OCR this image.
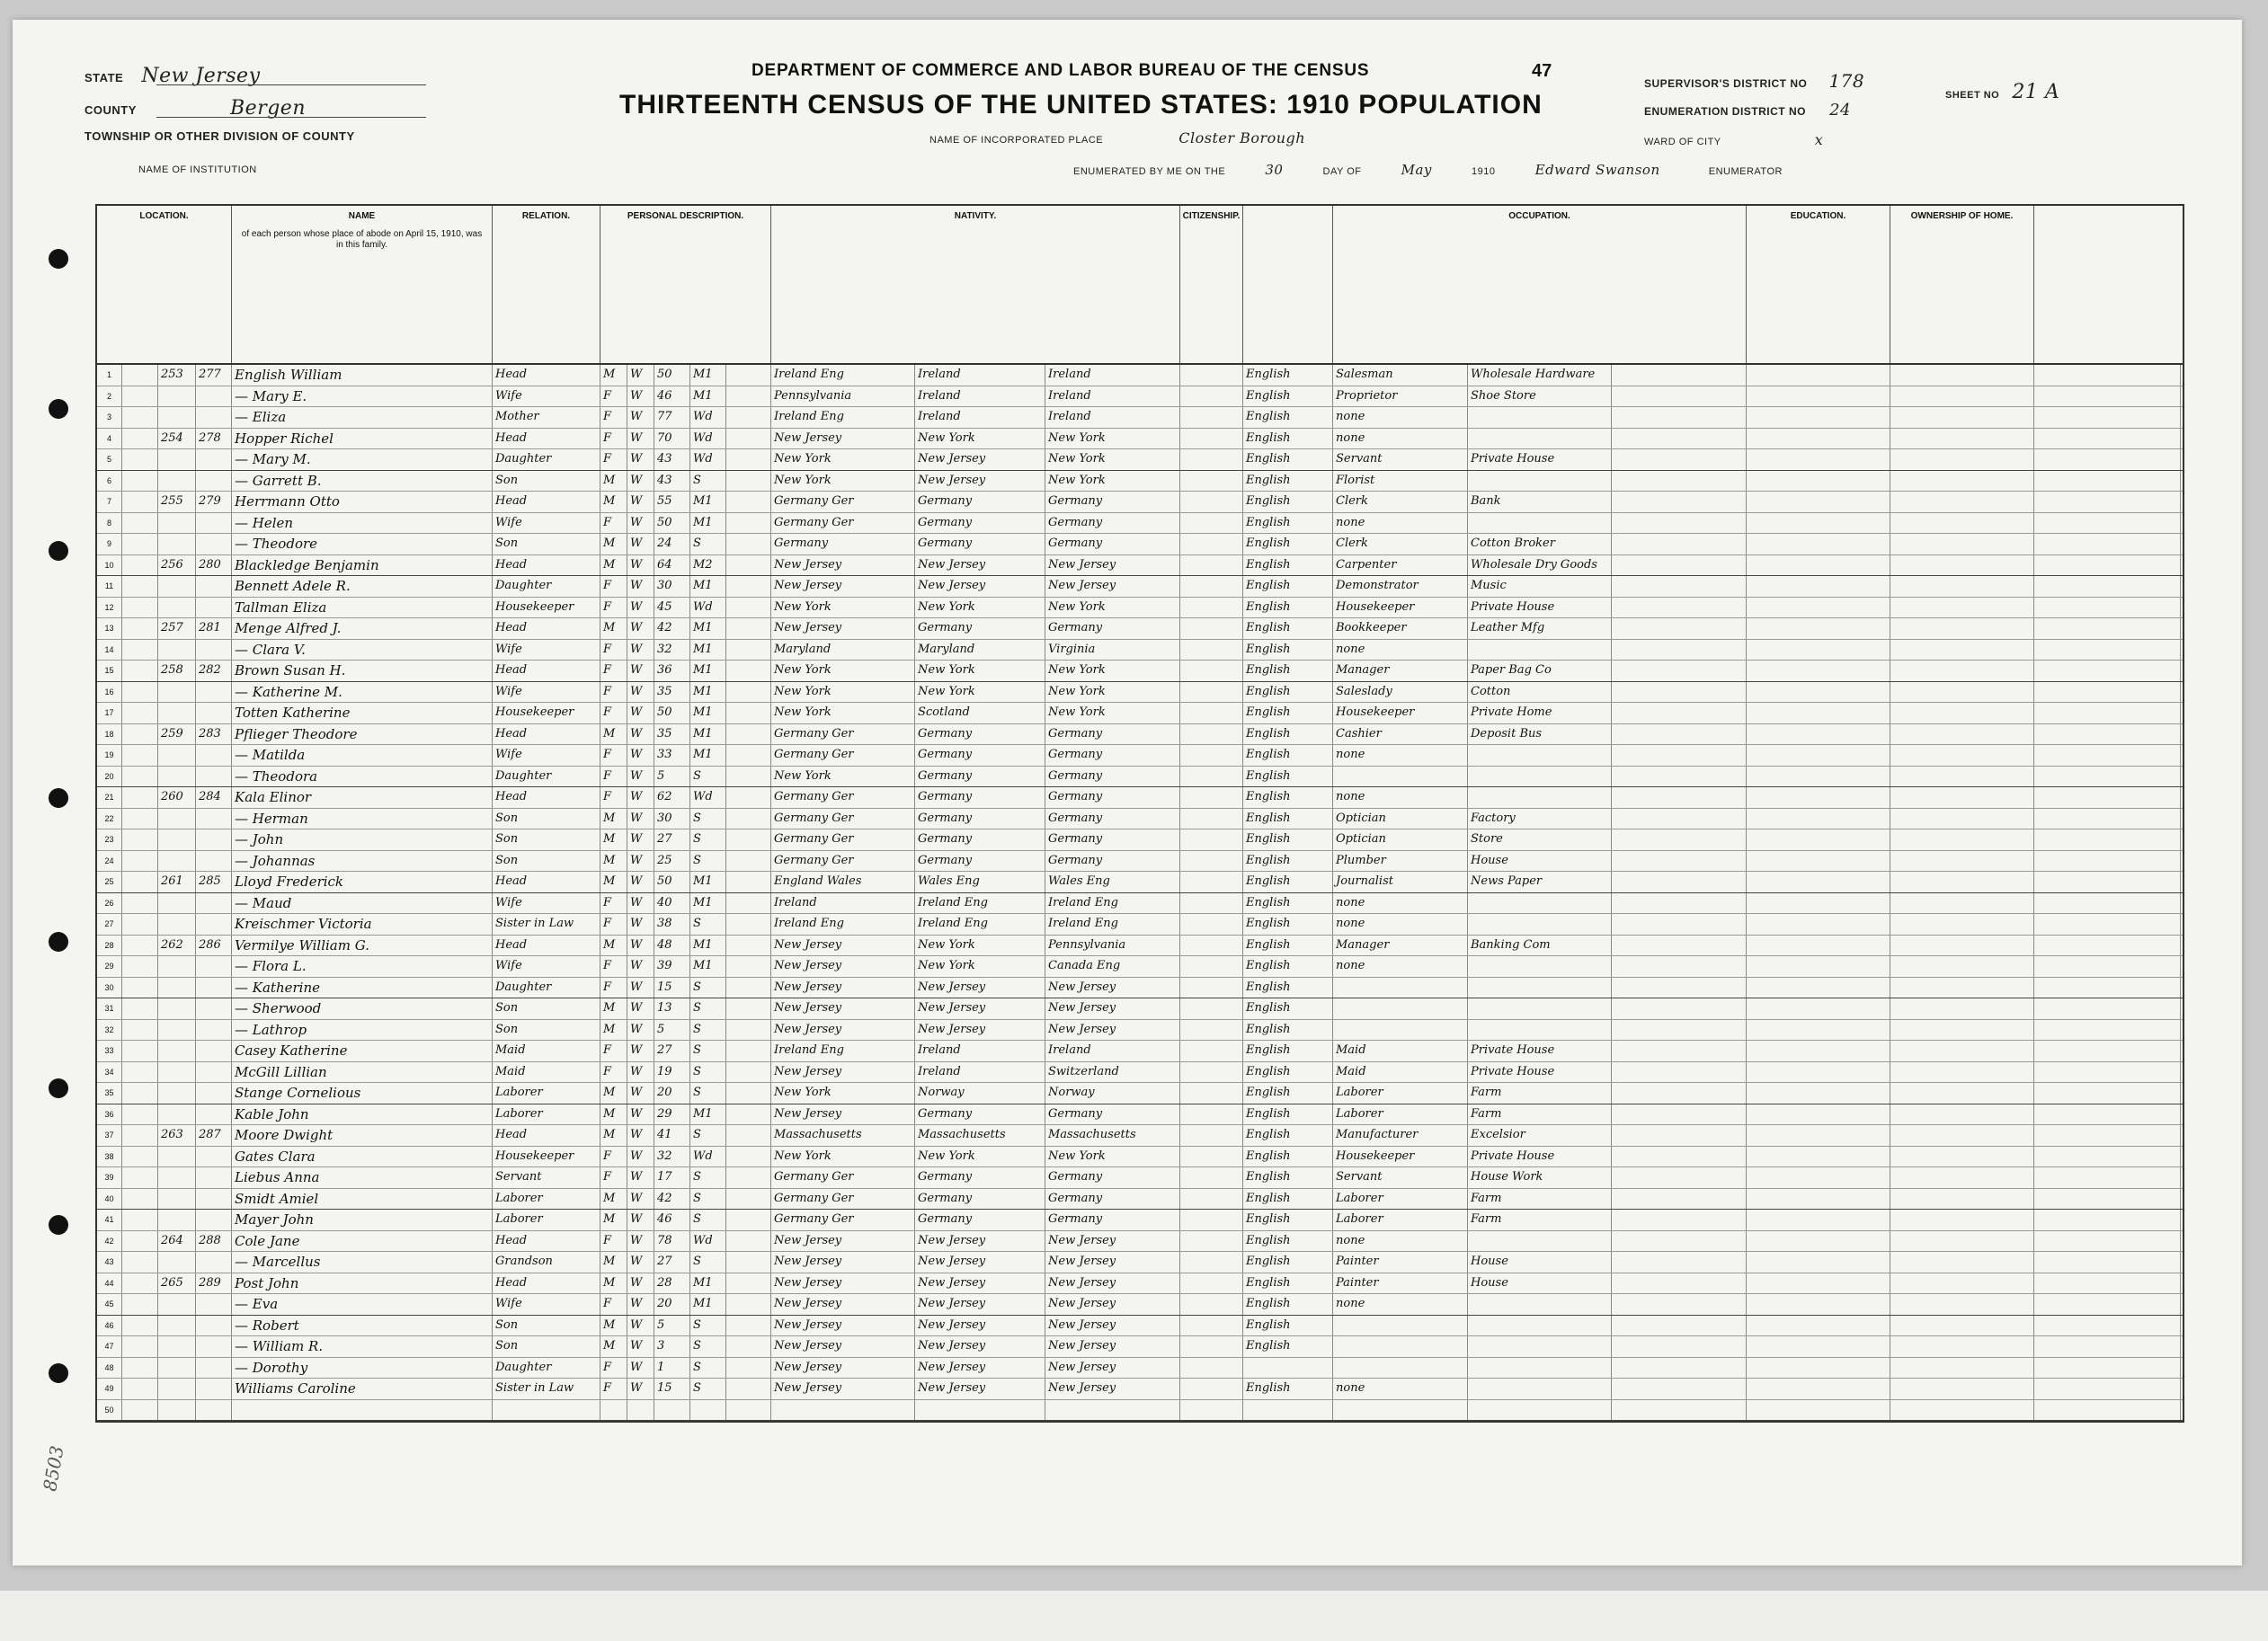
STATE New Jersey
COUNTY	Bergen
TOWNSHIP OR OTHER DIVISION OF COUNTY
NAME OF INSTITUTION
DEPARTMENT OF COMMERCE AND LABOR BUREAU OF THE CENSUS
THIRTEENTH CENSUS OF THE UNITED STATES: 1910 POPULATION
47
NAME OF INCORPORATED PLACE	Closter Borough
ENUMERATED BY ME ON THE	30	DAY OF	May	1910	Edward Swanson	ENUMERATOR
SUPERVISOR'S DISTRICT NO 178
ENUMERATION DISTRICT NO 24
SHEET NO 21 A
WARD OF CITY	x
8503
LOCATION.	NAME
of each person whose place of abode on April 15, 1910, was in this family.
RELATION.	PERSONAL DESCRIPTION.	NATIVITY.	CITIZENSHIP.	OCCUPATION.	EDUCATION.	OWNERSHIP OF HOME.
1	253	277	English William	Head	M	W	50	M1	Ireland Eng	Ireland	Ireland	English	Salesman	Wholesale Hardware
2	— Mary E.	Wife	F	W	46	M1	Pennsylvania	Ireland	Ireland	English	Proprietor	Shoe Store
3	— Eliza	Mother	F	W	77	Wd	Ireland Eng	Ireland	Ireland	English	none
4	254	278	Hopper Richel	Head	F	W	70	Wd	New Jersey	New York	New York	English	none
5	— Mary M.	Daughter	F	W	43	Wd	New York	New Jersey	New York	English	Servant	Private House
6	— Garrett B.	Son	M	W	43	S	New York	New Jersey	New York	English	Florist
7	255	279	Herrmann Otto	Head	M	W	55	M1	Germany Ger	Germany	Germany	English	Clerk	Bank
8	— Helen	Wife	F	W	50	M1	Germany Ger	Germany	Germany	English	none
9	— Theodore	Son	M	W	24	S	Germany	Germany	Germany	English	Clerk	Cotton Broker
10	256	280	Blackledge Benjamin	Head	M	W	64	M2	New Jersey	New Jersey	New Jersey	English	Carpenter	Wholesale Dry Goods
11	Bennett Adele R.	Daughter	F	W	30	M1	New Jersey	New Jersey	New Jersey	English	Demonstrator	Music
12	Tallman Eliza	Housekeeper	F	W	45	Wd	New York	New York	New York	English	Housekeeper	Private House
13	257	281	Menge Alfred J.	Head	M	W	42	M1	New Jersey	Germany	Germany	English	Bookkeeper	Leather Mfg
14	— Clara V.	Wife	F	W	32	M1	Maryland	Maryland	Virginia	English	none
15	258	282	Brown Susan H.	Head	F	W	36	M1	New York	New York	New York	English	Manager	Paper Bag Co
16	— Katherine M.	Wife	F	W	35	M1	New York	New York	New York	English	Saleslady	Cotton
17	Totten Katherine	Housekeeper	F	W	50	M1	New York	Scotland	New York	English	Housekeeper	Private Home
18	259	283	Pflieger Theodore	Head	M	W	35	M1	Germany Ger	Germany	Germany	English	Cashier	Deposit Bus
19	— Matilda	Wife	F	W	33	M1	Germany Ger	Germany	Germany	English	none
20	— Theodora	Daughter	F	W	5	S	New York	Germany	Germany	English
21	260	284	Kala Elinor	Head	F	W	62	Wd	Germany Ger	Germany	Germany	English	none
22	— Herman	Son	M	W	30	S	Germany Ger	Germany	Germany	English	Optician	Factory
23	— John	Son	M	W	27	S	Germany Ger	Germany	Germany	English	Optician	Store
24	— Johannas	Son	M	W	25	S	Germany Ger	Germany	Germany	English	Plumber	House
25	261	285	Lloyd Frederick	Head	M	W	50	M1	England Wales	Wales Eng	Wales Eng	English	Journalist	News Paper
26	— Maud	Wife	F	W	40	M1	Ireland	Ireland Eng	Ireland Eng	English	none
27	Kreischmer Victoria	Sister in Law	F	W	38	S	Ireland Eng	Ireland Eng	Ireland Eng	English	none
28	262	286	Vermilye William G.	Head	M	W	48	M1	New Jersey	New York	Pennsylvania	English	Manager	Banking Com
29	— Flora L.	Wife	F	W	39	M1	New Jersey	New York	Canada Eng	English	none
30	— Katherine	Daughter	F	W	15	S	New Jersey	New Jersey	New Jersey	English
31	— Sherwood	Son	M	W	13	S	New Jersey	New Jersey	New Jersey	English
32	— Lathrop	Son	M	W	5	S	New Jersey	New Jersey	New Jersey	English
33	Casey Katherine	Maid	F	W	27	S	Ireland Eng	Ireland	Ireland	English	Maid	Private House
34	McGill Lillian	Maid	F	W	19	S	New Jersey	Ireland	Switzerland	English	Maid	Private House
35	Stange Cornelious	Laborer	M	W	20	S	New York	Norway	Norway	English	Laborer	Farm
36	Kable John	Laborer	M	W	29	M1	New Jersey	Germany	Germany	English	Laborer	Farm
37	263	287	Moore Dwight	Head	M	W	41	S	Massachusetts	Massachusetts	Massachusetts	English	Manufacturer	Excelsior
38	Gates Clara	Housekeeper	F	W	32	Wd	New York	New York	New York	English	Housekeeper	Private House
39	Liebus Anna	Servant	F	W	17	S	Germany Ger	Germany	Germany	English	Servant	House Work
40	Smidt Amiel	Laborer	M	W	42	S	Germany Ger	Germany	Germany	English	Laborer	Farm
41	Mayer John	Laborer	M	W	46	S	Germany Ger	Germany	Germany	English	Laborer	Farm
42	264	288	Cole Jane	Head	F	W	78	Wd	New Jersey	New Jersey	New Jersey	English	none
43	— Marcellus	Grandson	M	W	27	S	New Jersey	New Jersey	New Jersey	English	Painter	House
44	265	289	Post John	Head	M	W	28	M1	New Jersey	New Jersey	New Jersey	English	Painter	House
45	— Eva	Wife	F	W	20	M1	New Jersey	New Jersey	New Jersey	English	none
46	— Robert	Son	M	W	5	S	New Jersey	New Jersey	New Jersey	English
47	— William R.	Son	M	W	3	S	New Jersey	New Jersey	New Jersey	English
48	— Dorothy	Daughter	F	W	1	S	New Jersey	New Jersey	New Jersey
49	Williams Caroline	Sister in Law	F	W	15	S	New Jersey	New Jersey	New Jersey	English	none
50
